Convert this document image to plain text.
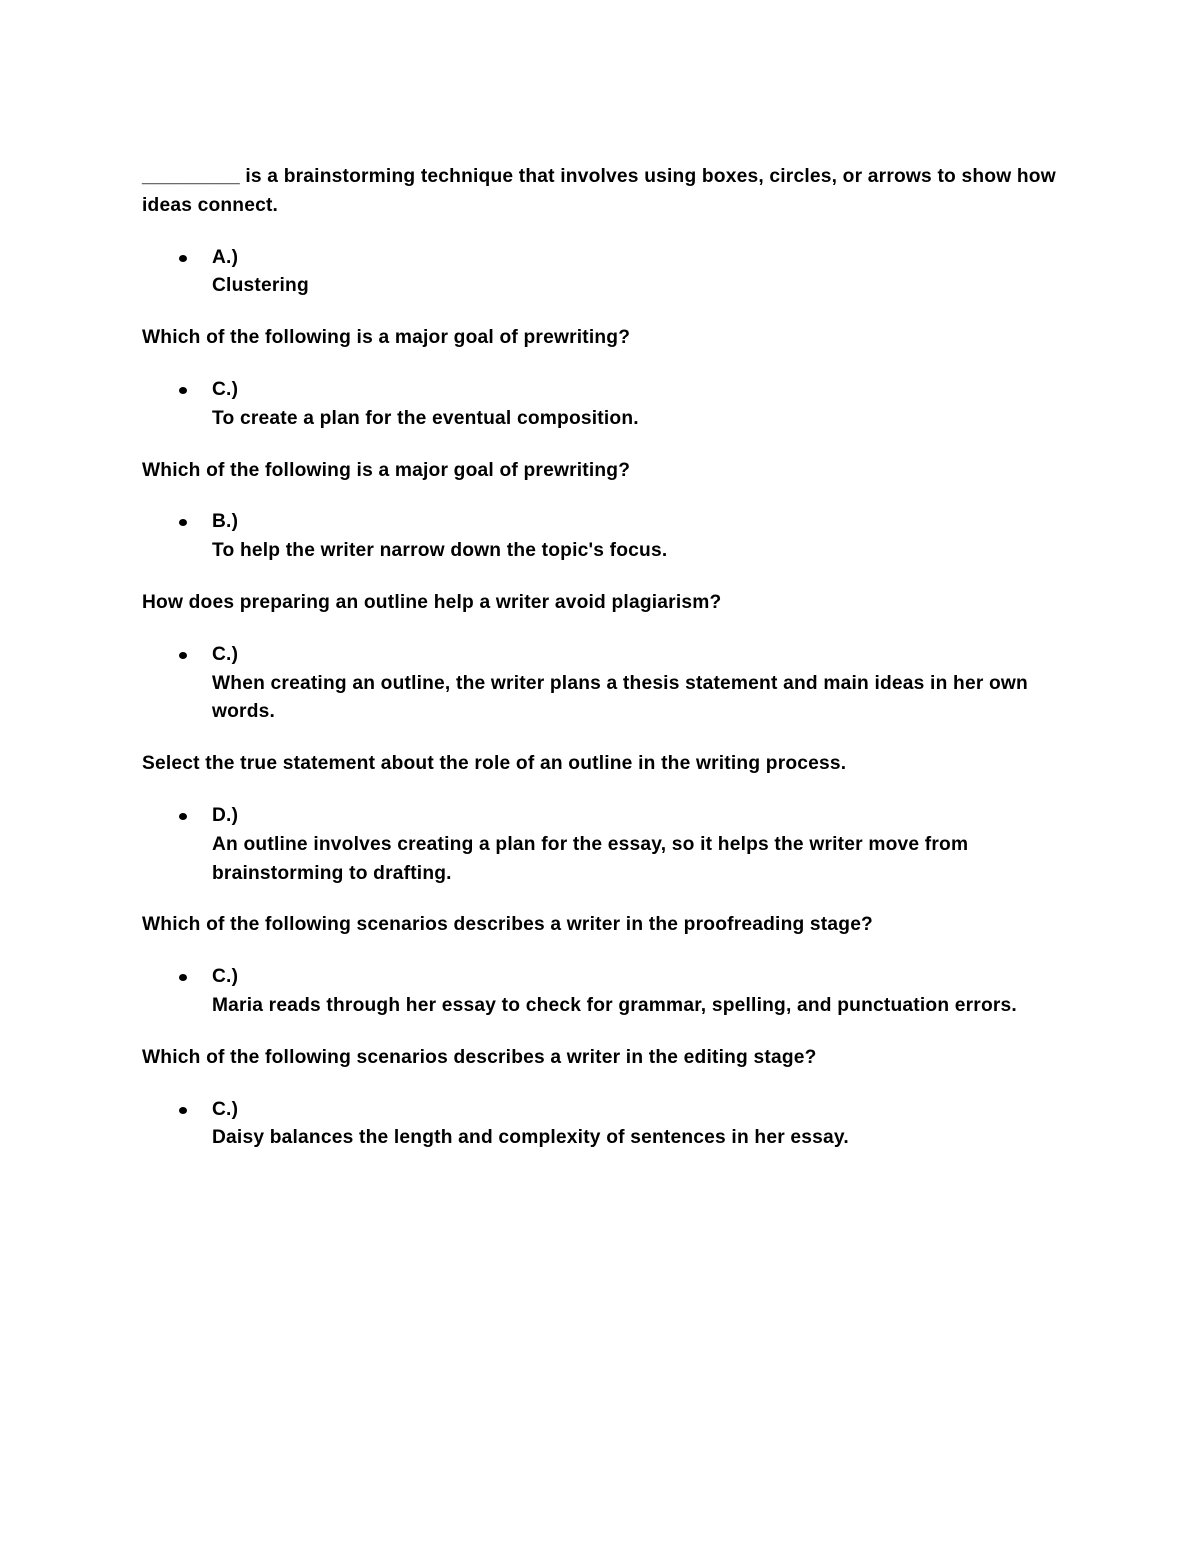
_________ is a brainstorming technique that involves using boxes, circles, or arrows to show how ideas connect.

A.)
Clustering

Which of the following is a major goal of prewriting?

C.)
To create a plan for the eventual composition.

Which of the following is a major goal of prewriting?

B.)
To help the writer narrow down the topic's focus.

How does preparing an outline help a writer avoid plagiarism?

C.)
When creating an outline, the writer plans a thesis statement and main ideas in her own words.

Select the true statement about the role of an outline in the writing process.

D.)
An outline involves creating a plan for the essay, so it helps the writer move from brainstorming to drafting.

Which of the following scenarios describes a writer in the proofreading stage?

C.)
Maria reads through her essay to check for grammar, spelling, and punctuation errors.

Which of the following scenarios describes a writer in the editing stage?

C.)
Daisy balances the length and complexity of sentences in her essay.
